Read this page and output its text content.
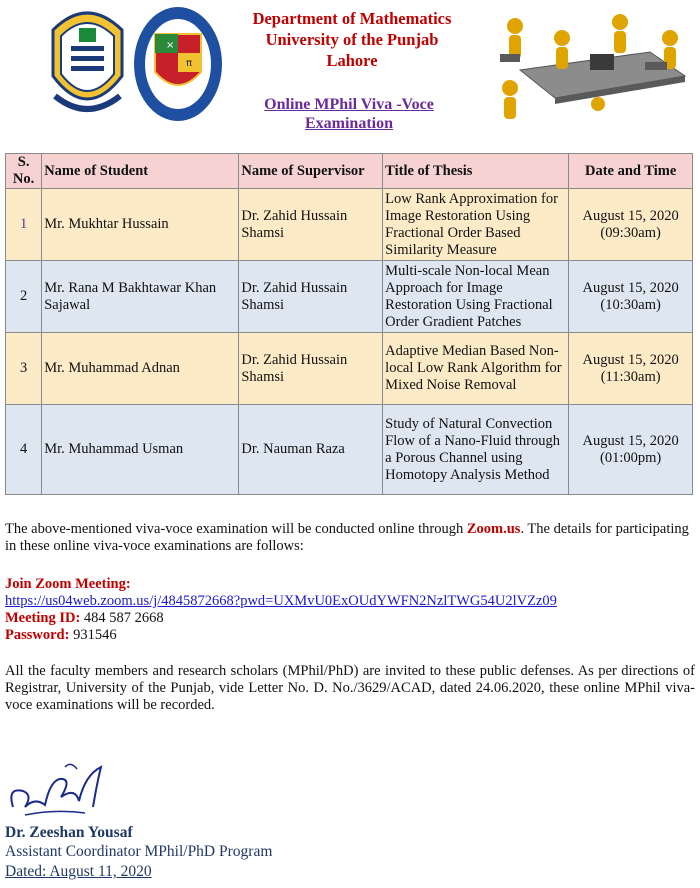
×
π
Department of Mathematics
University of the Punjab
Lahore
Online MPhil Viva -Voce
Examination
S.
No.	Name of Student	Name of Supervisor	Title of Thesis	Date and Time
1	Mr. Mukhtar Hussain	Dr. Zahid Hussain Shamsi	Low Rank Approximation for Image Restoration Using Fractional Order Based Similarity Measure	August 15, 2020
(09:30am)
2	Mr. Rana M Bakhtawar Khan Sajawal	Dr. Zahid Hussain Shamsi	Multi-scale Non-local Mean Approach for Image Restoration Using Fractional Order Gradient Patches	August 15, 2020
(10:30am)
3	Mr. Muhammad Adnan	Dr. Zahid Hussain Shamsi	Adaptive Median Based Non-local Low Rank Algorithm for Mixed Noise Removal	August 15, 2020
(11:30am)
4	Mr. Muhammad Usman	Dr. Nauman Raza	Study of Natural Convection Flow of a Nano-Fluid through a Porous Channel using Homotopy Analysis Method	August 15, 2020
(01:00pm)
The above-mentioned viva-voce examination will be conducted online through Zoom.us. The details for participating in these online viva-voce examinations are follows:
Join Zoom Meeting:
https://us04web.zoom.us/j/4845872668?pwd=UXMvU0ExOUdYWFN2NzlTWG54U2lVZz09
Meeting ID: 484 587 2668
Password: 931546
All the faculty members and research scholars (MPhil/PhD) are invited to these public defenses. As per directions of Registrar, University of the Punjab, vide Letter No. D. No./3629/ACAD, dated 24.06.2020, these online MPhil viva-voce examinations will be recorded.
Dr. Zeeshan Yousaf
Assistant Coordinator MPhil/PhD Program
Dated: August 11, 2020
